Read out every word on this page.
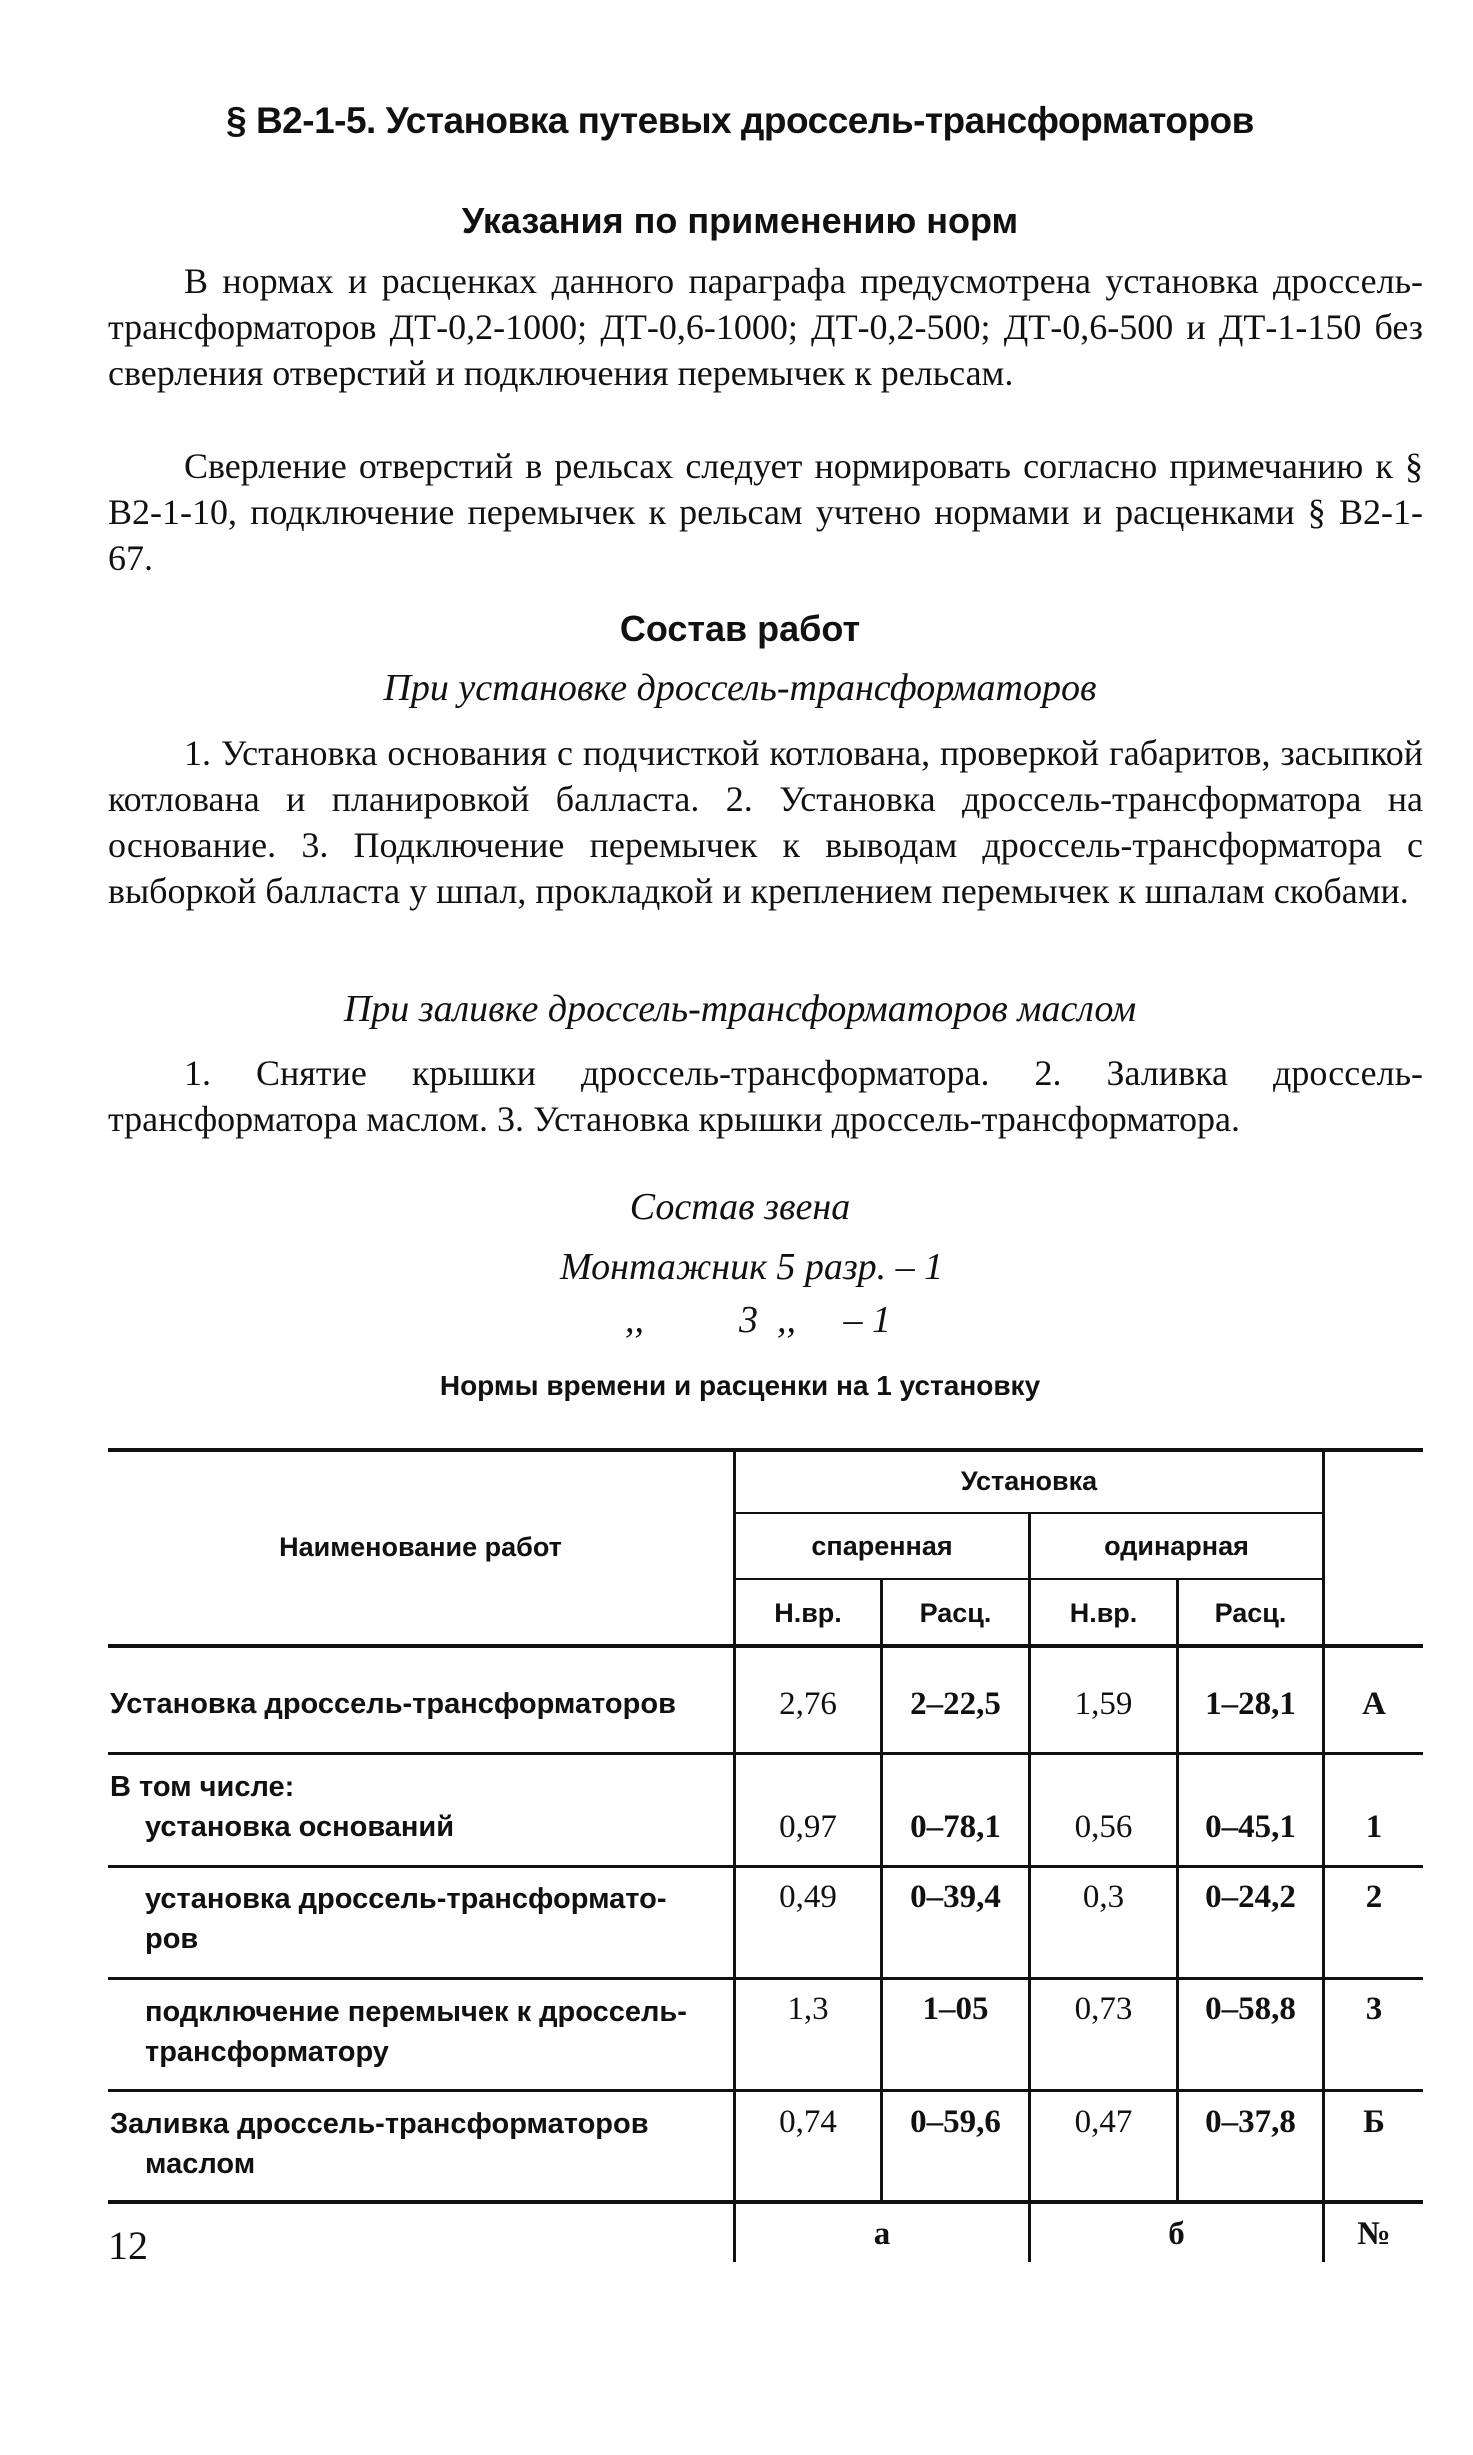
§ В2-1-5. Установка путевых дроссель-трансформаторов
Указания по применению норм

В нормах и расценках данного параграфа предусмотрена установка дроссель-трансформаторов ДТ-0,2-1000; ДТ-0,6-1000; ДТ-0,2-500; ДТ-0,6-500 и ДТ-1-150 без сверления отверстий и подключения перемычек к рельсам.

Сверление отверстий в рельсах следует нормировать согласно примечанию к § В2-1-10, подключение перемычек к рельсам учтено нормами и расценками § В2-1-67.

Состав работ
При установке дроссель-трансформаторов

1. Установка основания с подчисткой котлована, проверкой габаритов, засыпкой котлована и планировкой балласта. 2. Установка дроссель-трансформатора на основание. 3. Подключение перемычек к выводам дроссель-трансформатора с выборкой балласта у шпал, прокладкой и креплением перемычек к шпалам скобами.

При заливке дроссель-трансформаторов маслом

1. Снятие крышки дроссель-трансформатора. 2. Заливка дроссель-трансформатора маслом. 3. Установка крышки дроссель-трансформатора.

Состав звена
Монтажник 5 разр. – 1
,,          3  ,,     – 1
Нормы времени и расценки на 1 установку
Наименование работ
Установка
спаренная	одинарная
Н.вр.	Расц.	Н.вр.	Расц.
Установка дроссель-трансформаторов	2,76	2–22,5	1,59	1–28,1	А
В том числе:
установка оснований	0,97	0–78,1	0,56	0–45,1	1
установка дроссель-трансформато-
ров
0,49	0–39,4	0,3	0–24,2	2
подключение перемычек к дроссель-
трансформатору
1,3	1–05	0,73	0–58,8	3
Заливка дроссель-трансформаторов
маслом
0,74	0–59,6	0,47	0–37,8	Б
а	б	№
12
